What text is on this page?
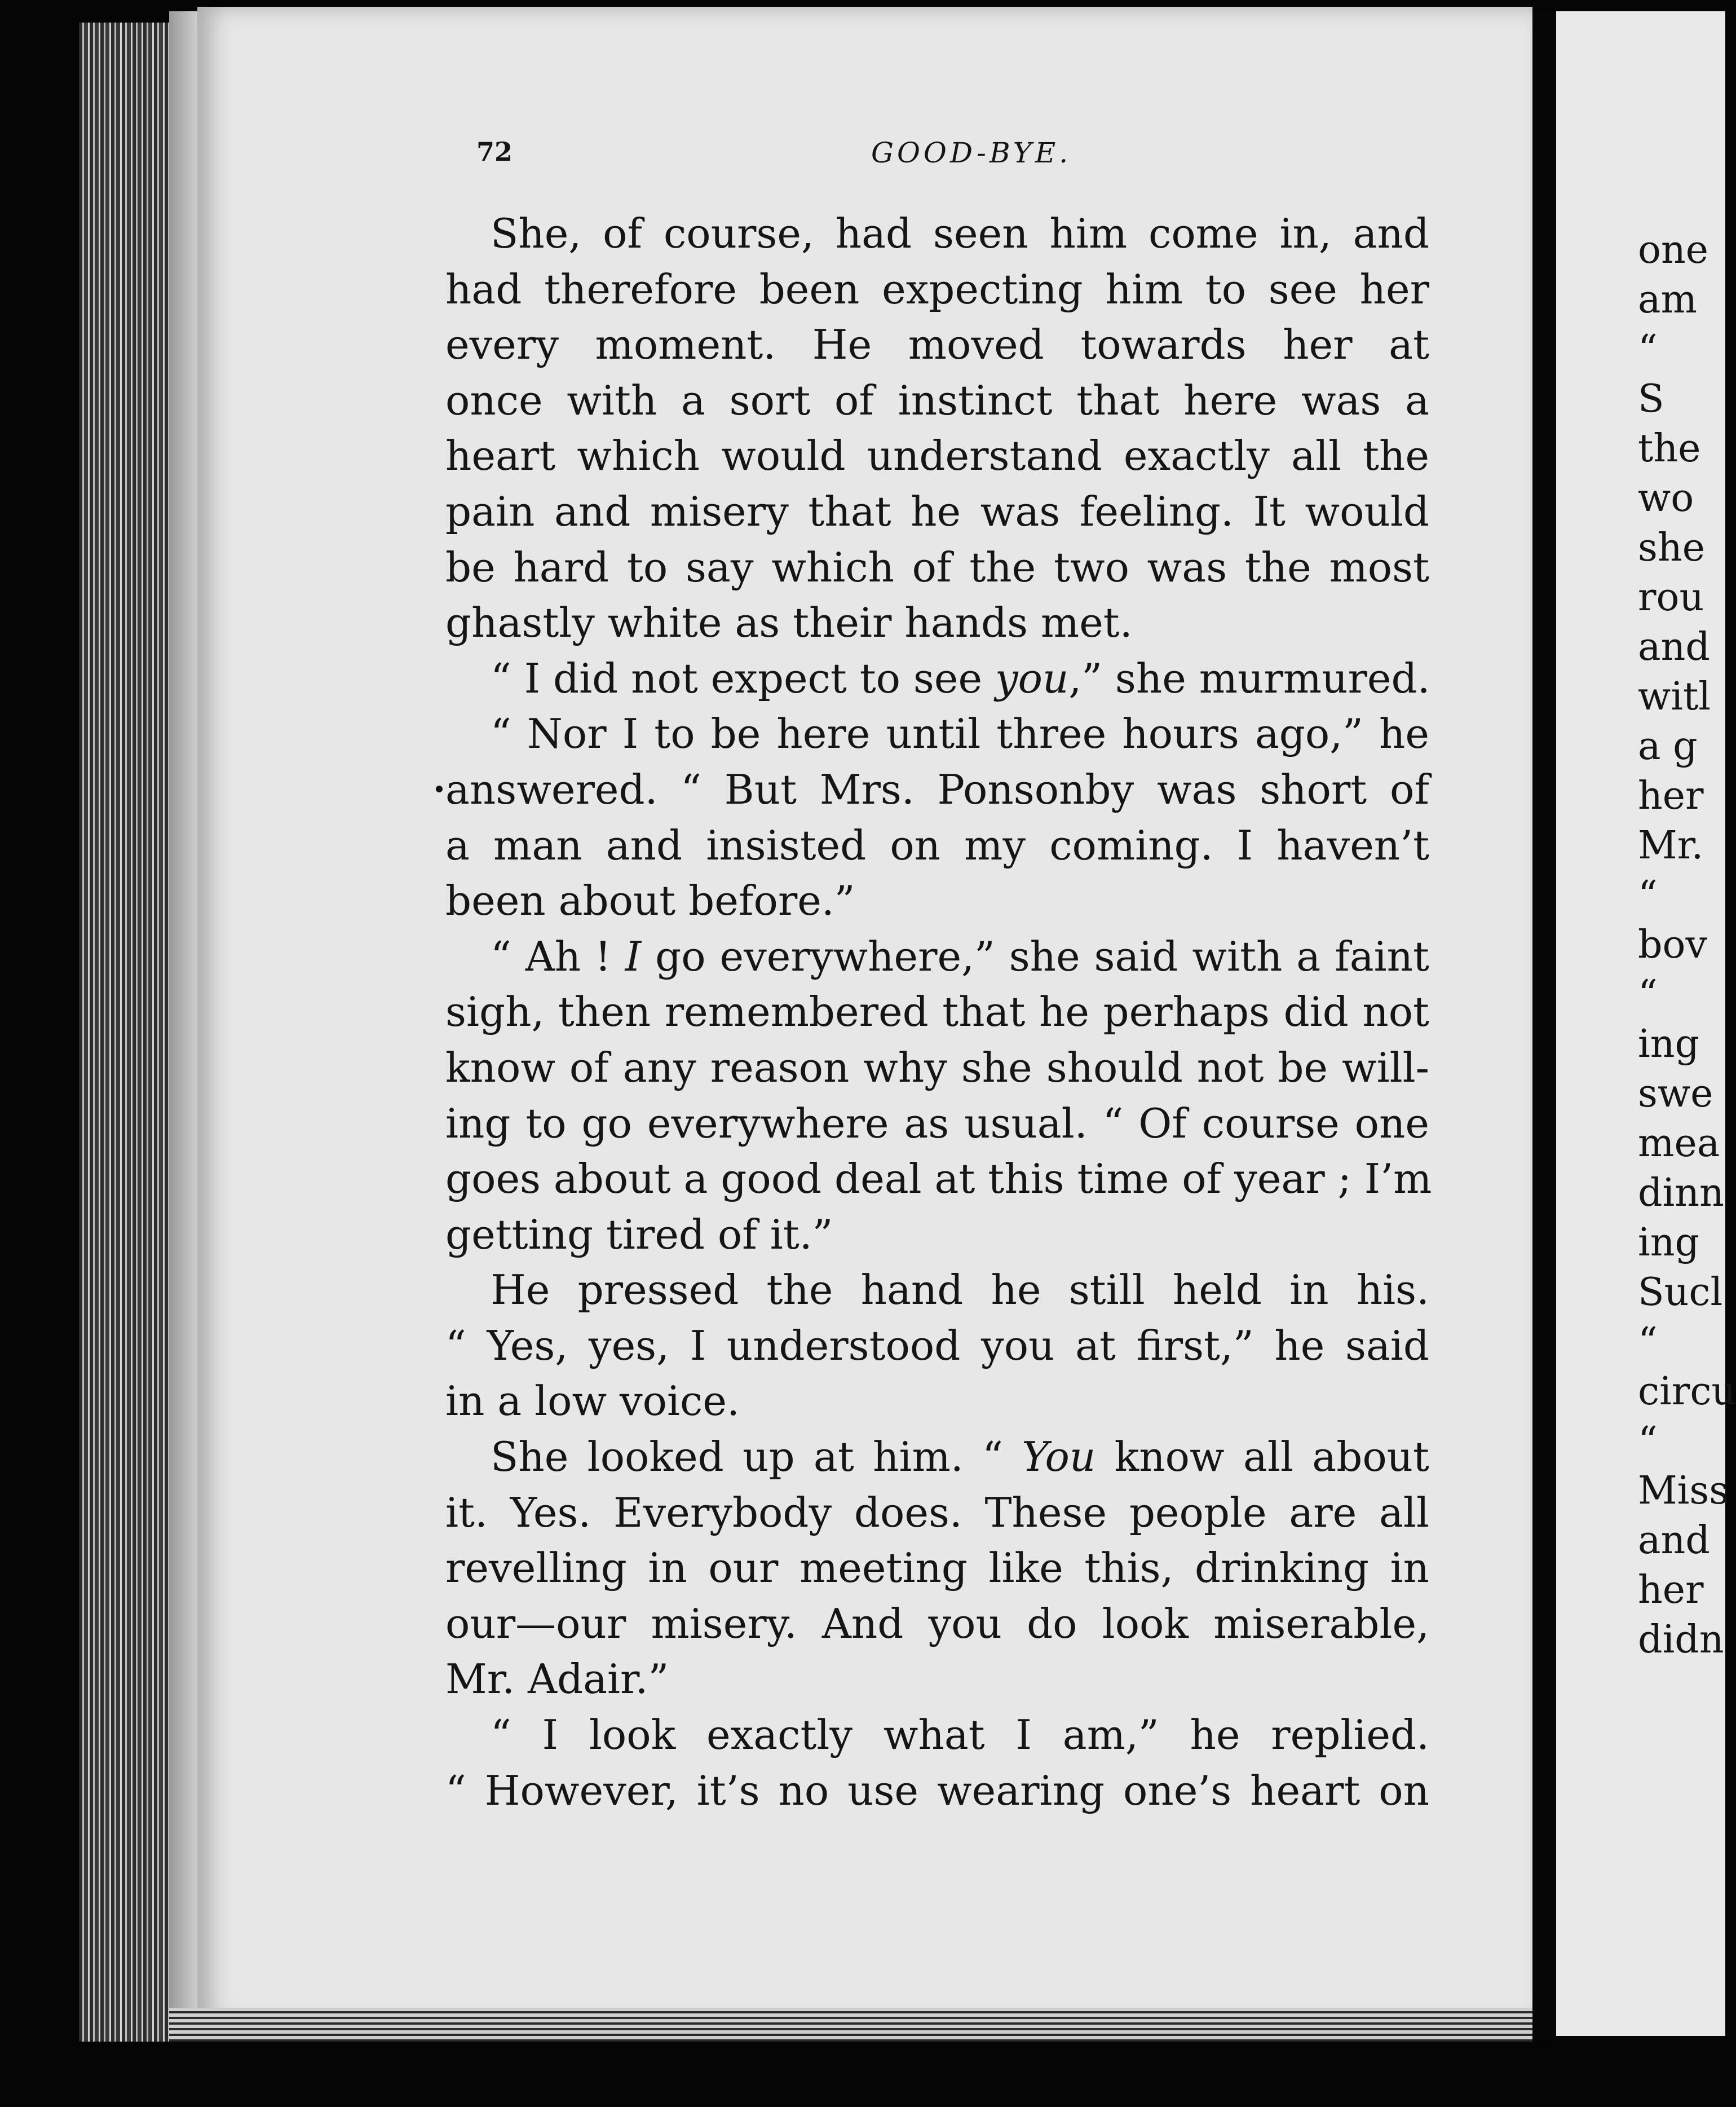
72	GOOD-BYE.
She, of course, had seen him come in, and
had therefore been expecting him to see her
every moment. He moved towards her at
once with a sort of instinct that here was a
heart which would understand exactly all the
pain and misery that he was feeling. It would
be hard to say which of the two was the most
ghastly white as their hands met.
“ I did not expect to see you,” she murmured.
“ Nor I to be here until three hours ago,” he
answered. “ But Mrs. Ponsonby was short of
a man and insisted on my coming. I haven’t
been about before.”
“ Ah ! I go everywhere,” she said with a faint
sigh, then remembered that he perhaps did not
know of any reason why she should not be will-
ing to go everywhere as usual. “ Of course one
goes about a good deal at this time of year ; I’m
getting tired of it.”
He pressed the hand he still held in his.
“ Yes, yes, I understood you at first,” he said
in a low voice.
She looked up at him. “ You know all about
it. Yes. Everybody does. These people are all
revelling in our meeting like this, drinking in
our—our misery. And you do look miserable,
Mr. Adair.”
“ I look exactly what I am,” he replied.
“ However, it’s no use wearing one’s heart on
one
am
“
S
the
wo
she
rou
and
witl
a g
her
Mr.
“
bov
“
ing
swe
mea
dinn
ing
Sucl
“
circu
“
Miss
and
her
didn
